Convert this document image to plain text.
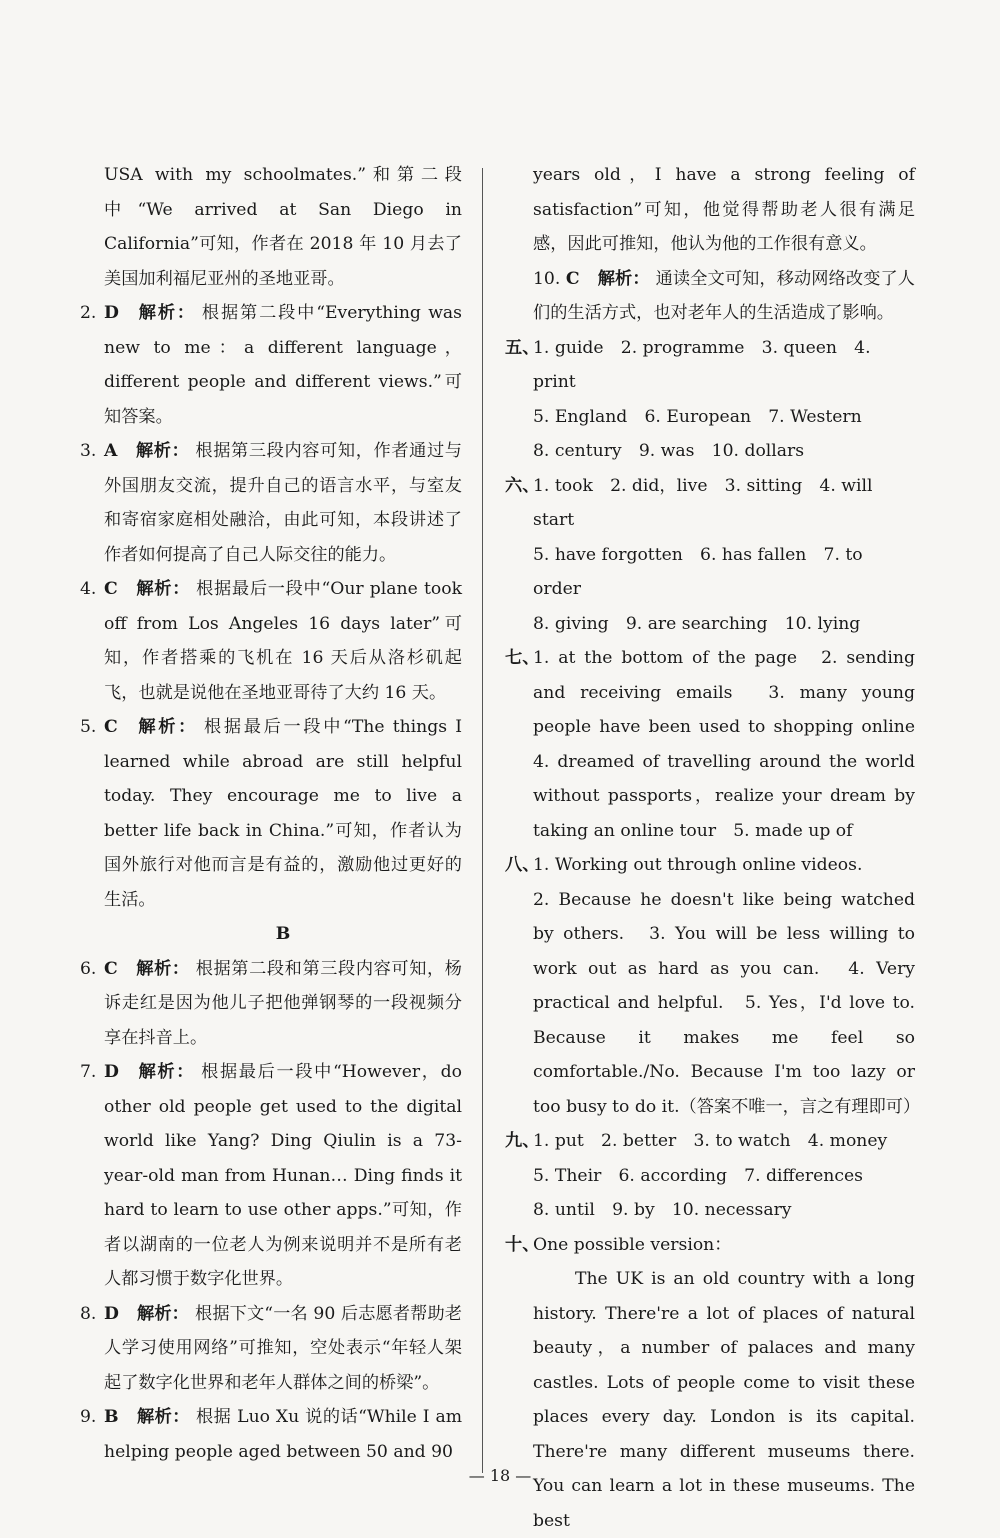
USA with my schoolmates.”和第二段中“We arrived at San Diego in California”可知，作者在 2018 年 10 月去了美国加利福尼亚州的圣地亚哥。
2. D 解析： 根据第二段中“Everything was new to me：a different language，different people and different views.”可知答案。
3. A 解析： 根据第三段内容可知，作者通过与外国朋友交流，提升自己的语言水平，与室友和寄宿家庭相处融洽，由此可知，本段讲述了作者如何提高了自己人际交往的能力。
4. C 解析： 根据最后一段中“Our plane took off from Los Angeles 16 days later”可知，作者搭乘的飞机在 16 天后从洛杉矶起飞，也就是说他在圣地亚哥待了大约 16 天。
5. C 解析： 根据最后一段中“The things I learned while abroad are still helpful today. They encourage me to live a better life back in China.”可知，作者认为国外旅行对他而言是有益的，激励他过更好的生活。
B
6. C 解析： 根据第二段和第三段内容可知，杨诉走红是因为他儿子把他弹钢琴的一段视频分享在抖音上。
7. D 解析： 根据最后一段中“However，do other old people get used to the digital world like Yang? Ding Qiulin is a 73-year-old man from Hunan… Ding finds it hard to learn to use other apps.”可知，作者以湖南的一位老人为例来说明并不是所有老人都习惯于数字化世界。
8. D 解析： 根据下文“一名 90 后志愿者帮助老人学习使用网络”可推知，空处表示“年轻人架起了数字化世界和老年人群体之间的桥梁”。
9. B 解析： 根据 Luo Xu 说的话“While I am helping people aged between 50 and 90
years old，I have a strong feeling of satisfaction”可知，他觉得帮助老人很有满足感，因此可推知，他认为他的工作很有意义。
10. C 解析： 通读全文可知，移动网络改变了人们的生活方式，也对老年人的生活造成了影响。
五、
1. guide　2. programme　3. queen　4. print
5. England　6. European　7. Western
8. century　9. was　10. dollars
六、
1. took　2. did，live　3. sitting　4. will start
5. have forgotten　6. has fallen　7. to order
8. giving　9. are searching　10. lying
七、
1. at the bottom of the page　2. sending and receiving emails　3. many young people have been used to shopping online　4. dreamed of travelling around the world without passports，realize your dream by taking an online tour　5. made up of
八、
1. Working out through online videos.
2. Because he doesn't like being watched by others.　3. You will be less willing to work out as hard as you can.　4. Very practical and helpful.　5. Yes，I'd love to. Because it makes me feel so comfortable./No. Because I'm too lazy or too busy to do it.（答案不唯一，言之有理即可）
九、
1. put　2. better　3. to watch　4. money
5. Their　6. according　7. differences
8. until　9. by　10. necessary
十、
One possible version：
The UK is an old country with a long history. There're a lot of places of natural beauty，a number of palaces and many castles. Lots of people come to visit these places every day. London is its capital. There're many different museums there. You can learn a lot in these museums. The best
— 18 —
